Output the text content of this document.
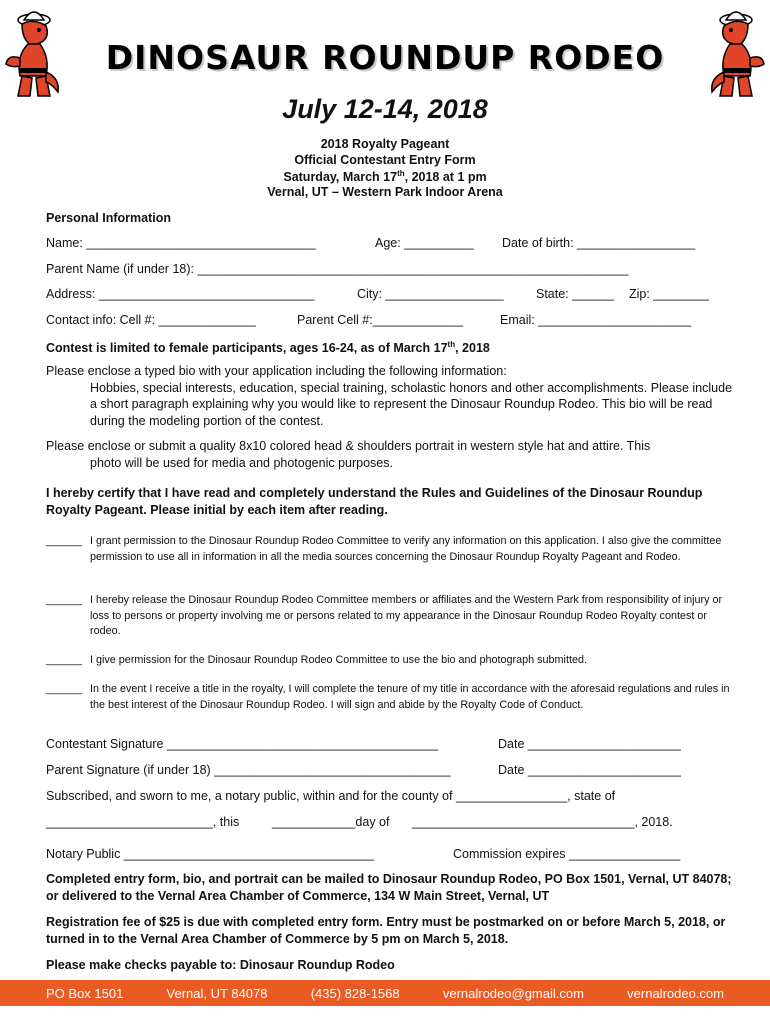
DINOSAUR ROUNDUP RODEO
July 12-14, 2018
2018 Royalty Pageant
Official Contestant Entry Form
Saturday, March 17th, 2018 at 1 pm
Vernal, UT – Western Park Indoor Arena
Personal Information
Name: _________________________________	Age: __________ Date of birth: _________________
Parent Name (if under 18): ______________________________________________________________
Address: _______________________________	City: _________________	State: ______ Zip: ________
Contact info: Cell #: ______________	Parent Cell #:_____________	Email: ______________________
Contest is limited to female participants, ages 16-24, as of March 17th, 2018
Please enclose a typed bio with your application including the following information:
Hobbies, special interests, education, special training, scholastic honors and other accomplishments. Please include a short paragraph explaining why you would like to represent the Dinosaur Roundup Rodeo. This bio will be read during the modeling portion of the contest.
Please enclose or submit a quality 8x10 colored head & shoulders portrait in western style hat and attire. This
photo will be used for media and photogenic purposes.
I hereby certify that I have read and completely understand the Rules and Guidelines of the Dinosaur Roundup Royalty Pageant. Please initial by each item after reading.
______ I grant permission to the Dinosaur Roundup Rodeo Committee to verify any information on this application. I also give the committee permission to use all in information in all the media sources concerning the Dinosaur Roundup Royalty Pageant and Rodeo.
______ I hereby release the Dinosaur Roundup Rodeo Committee members or affiliates and the Western Park from responsibility of injury or loss to persons or property involving me or persons related to my appearance in the Dinosaur Roundup Rodeo Royalty contest or rodeo.
______ I give permission for the Dinosaur Roundup Rodeo Committee to use the bio and photograph submitted.
______ In the event I receive a title in the royalty, I will complete the tenure of my title in accordance with the aforesaid regulations and rules in the best interest of the Dinosaur Roundup Rodeo. I will sign and abide by the Royalty Code of Conduct.
Contestant Signature _______________________________________	Date ______________________
Parent Signature (if under 18) __________________________________	Date ______________________
Subscribed, and sworn to me, a notary public, within and for the county of ________________, state of
________________________, this	____________day of ________________________________, 2018.
Notary Public ____________________________________	Commission expires ________________
Completed entry form, bio, and portrait can be mailed to Dinosaur Roundup Rodeo, PO Box 1501, Vernal, UT 84078; or delivered to the Vernal Area Chamber of Commerce, 134 W Main Street, Vernal, UT
Registration fee of $25 is due with completed entry form. Entry must be postmarked on or before March 5, 2018, or turned in to the Vernal Area Chamber of Commerce by 5 pm on March 5, 2018.
Please make checks payable to: Dinosaur Roundup Rodeo
PO Box 1501	Vernal, UT 84078	(435) 828-1568	vernalrodeo@gmail.com	vernalrodeo.com
